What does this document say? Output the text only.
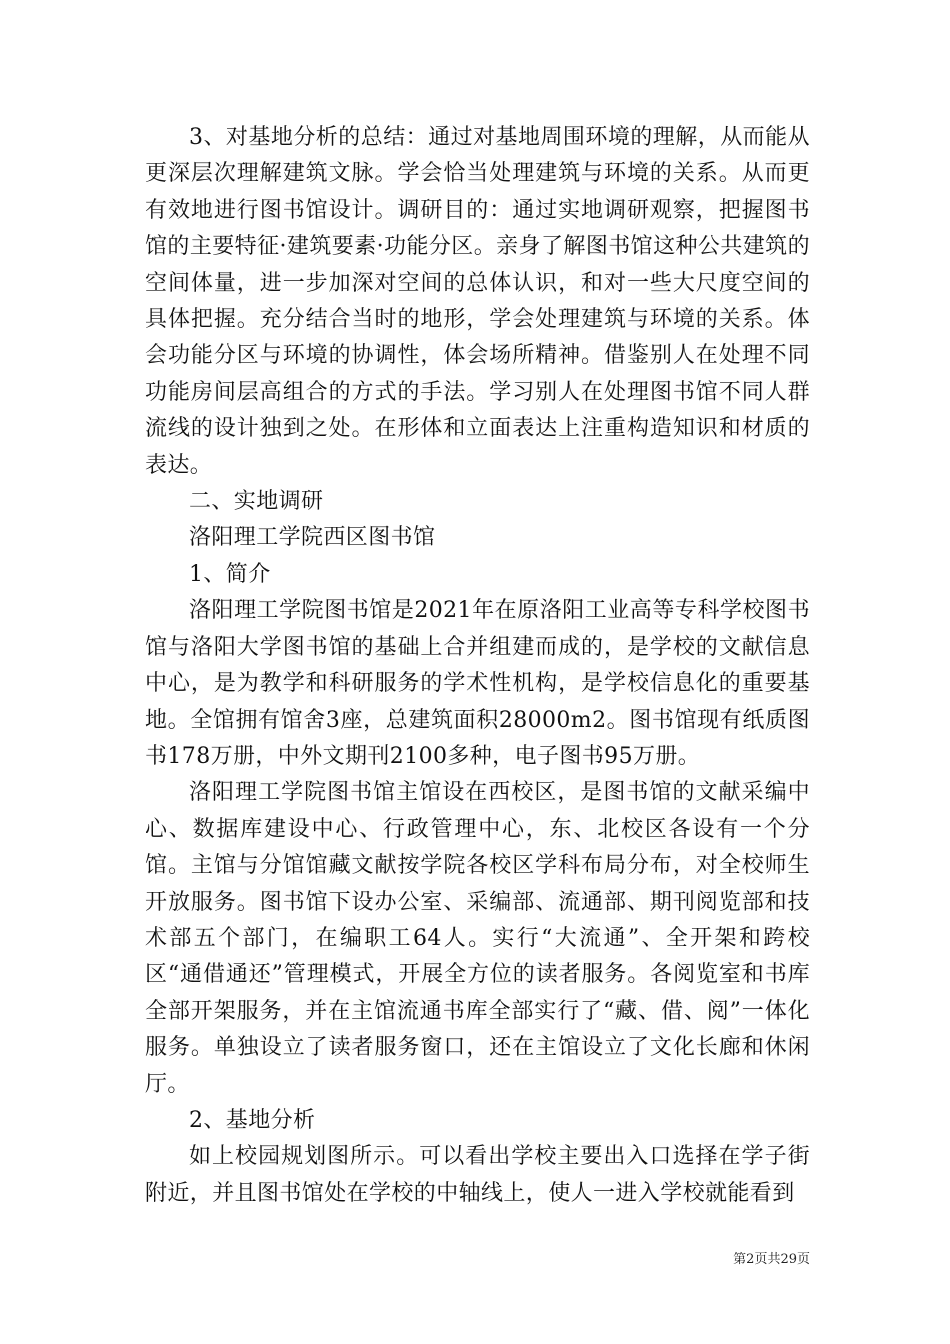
3、对基地分析的总结：通过对基地周围环境的理解，从而能从更深层次理解建筑文脉。学会恰当处理建筑与环境的关系。从而更有效地进行图书馆设计。调研目的：通过实地调研观察，把握图书馆的主要特征·建筑要素·功能分区。亲身了解图书馆这种公共建筑的空间体量，进一步加深对空间的总体认识，和对一些大尺度空间的具体把握。充分结合当时的地形，学会处理建筑与环境的关系。体会功能分区与环境的协调性，体会场所精神。借鉴别人在处理不同功能房间层高组合的方式的手法。学习别人在处理图书馆不同人群流线的设计独到之处。在形体和立面表达上注重构造知识和材质的表达。

二、实地调研

洛阳理工学院西区图书馆

1、简介

洛阳理工学院图书馆是2021年在原洛阳工业高等专科学校图书馆与洛阳大学图书馆的基础上合并组建而成的，是学校的文献信息中心，是为教学和科研服务的学术性机构，是学校信息化的重要基地。全馆拥有馆舍3座，总建筑面积28000m2。图书馆现有纸质图书178万册，中外文期刊2100多种，电子图书95万册。

洛阳理工学院图书馆主馆设在西校区，是图书馆的文献采编中心、数据库建设中心、行政管理中心，东、北校区各设有一个分馆。主馆与分馆馆藏文献按学院各校区学科布局分布，对全校师生开放服务。图书馆下设办公室、采编部、流通部、期刊阅览部和技术部五个部门，在编职工64人。实行“大流通”、全开架和跨校区“通借通还”管理模式，开展全方位的读者服务。各阅览室和书库全部开架服务，并在主馆流通书库全部实行了“藏、借、阅”一体化服务。单独设立了读者服务窗口，还在主馆设立了文化长廊和休闲厅。

2、基地分析

如上校园规划图所示。可以看出学校主要出入口选择在学子街附近，并且图书馆处在学校的中轴线上，使人一进入学校就能看到

第2页共29页
